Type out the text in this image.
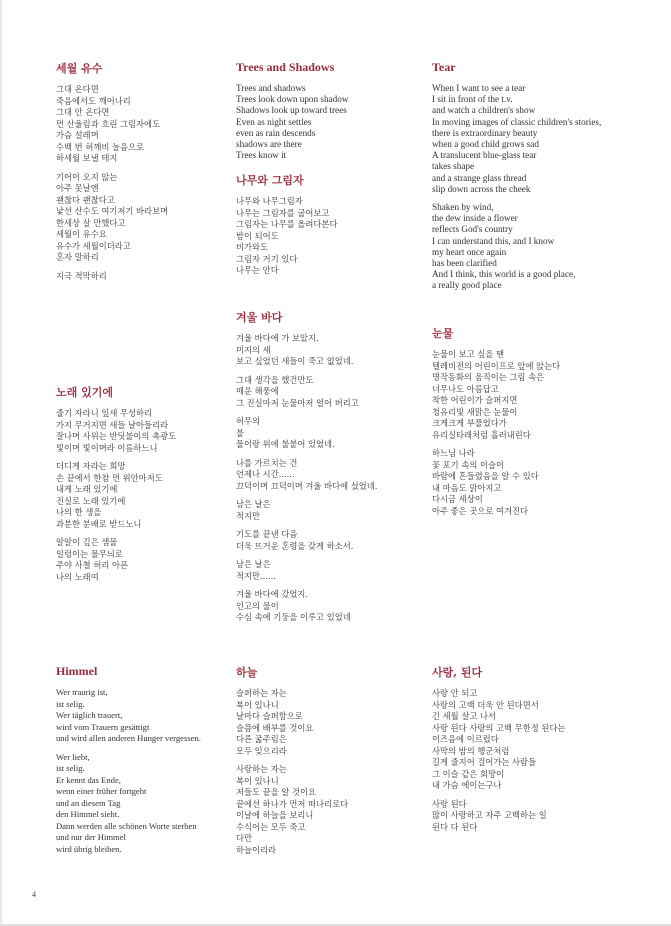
세월 유수
그대 온다면
죽음에서도 깨어나리
그대 안 온다면
먼 산울림과 흐린 그림자에도
가슴 설레며
수백 번 허깨비 놀음으로
하세월 보낼 테지
기어이 오지 않는
아주 못날엔
괜찮다 괜찮다고
낯선 산수도 여기저기 바라보며
한세상 살 만했다고
세월이 유수요
유수가 세월이더라고
혼자 말하리
지극 적막하리
Trees and Shadows
Trees and shadows
Trees look down upon shadow
Shadows look up toward trees
Even as night settles
even as rain descends
shadows are there
Trees know it
Tear
When I want to see a tear
I sit in front of the t.v.
and watch a children's show
In moving images of classic children's stories,
there is extraordinary beauty
when a good child grows sad
A translucent blue-glass tear
takes shape
and a strange glass thread
slip down across the cheek
Shaken by wind,
the dew inside a flower
reflects God's country
I can understand this, and I know
my heart once again
has been clarified
And I think, this world is a good place,
a really good place
나무와 그림자
나무와 나무그림자
나무는 그림자를 굽어보고
그림자는 나무를 올려다본다
밤이 되어도
비가와도
그림자 거기 있다
나무는 안다
겨울 바다
겨울 바다에 가 보았지.
미지의 새
보고 싶었던 새들이 죽고 없었네.
그대 생각을 했건만도
매운 해풍에
그 진실마저 눈물마저 얼어 버리고
허무의
불
물이랑 위에 불붙어 있었네.
나를 가르치는 건
언제나 시간......
끄덕이며 끄덕이며 겨울 바다에 섰었네.
남은 날은
적지만
기도를 끝낸 다음
더욱 뜨거운 혼령을 갖게 하소서.
남은 날은
적지만......
겨울 바다에 갔었지.
인고의 물이
수심 속에 기둥을 이루고 있었네
눈물
눈물이 보고 싶을 땐
텔레비전의 어린이프로 앞에 앉는다
명작동화의 움직이는 그림 속은
너무나도 아름답고
착한 어린이가 슬퍼지면
청유리빛 새맑은 눈물이
크게크게 부풀었다가
유리실타래처럼 흘러내린다
하느님 나라
꽃 포기 속의 이슬이
바람에 흔들렸음을 알 수 있다
내 마음도 맑아지고
다시금 세상이
아주 좋은 곳으로 여겨진다
노래 있기에
줄기 자라니 잎새 무성하리
가지 무거지면 새들 날아들리라
잘나며 사위는 반딧불이의 촉광도
빛이며 빛이며라 이름하느니
더디게 자라는 희망
손 끝에서 한참 먼 위안마저도
내게 노래 있기에
진실로 노래 있기에
나의 한 생을
과분한 분배로 받드노니
알알이 깊은 샘물
일렁이는 물무늬로
주야 사철 허리 아픈
나의 노래여
Himmel
Wer traurig ist,
ist selig.
Wer täglich trauert,
wird vom Trauern gesättigt
und wird allen anderen Hunger vergessen.
Wer liebt,
ist selig.
Er kennt das Ende,
wenn einer früher fortgeht
und an diesem Tag
den Himmel sieht.
Dann werden alle schönen Worte sterben
und nur der Himmel
wird übrig bleiben.
하늘
슬퍼하는 자는
복이 있나니
날마다 슬퍼함으로
슬픔에 배부를 것이요
다른 굶주림은
모두 잊으리라
사랑하는 자는
복이 있나니
저들도 끝을 알 것이요
끝에선 하나가 먼저 떠나리로다
이날에 하늘을 보리니
수식어는 모두 죽고
다만
하늘이리라
사랑, 된다
사랑 안 되고
사랑의 고백 더욱 안 된다면서
긴 세월 살고 나서
사랑 된다 사랑의 고백 무한정 된다는
이즈음에 이르렀다
사막의 밤의 행군처럼
길게 줄지어 걸어가는 사람들
그 이슬 같은 회망이
내 가슴 에이는구나
사랑 된다
많이 사랑하고 자주 고백하는 일
된다 다 된다
4
